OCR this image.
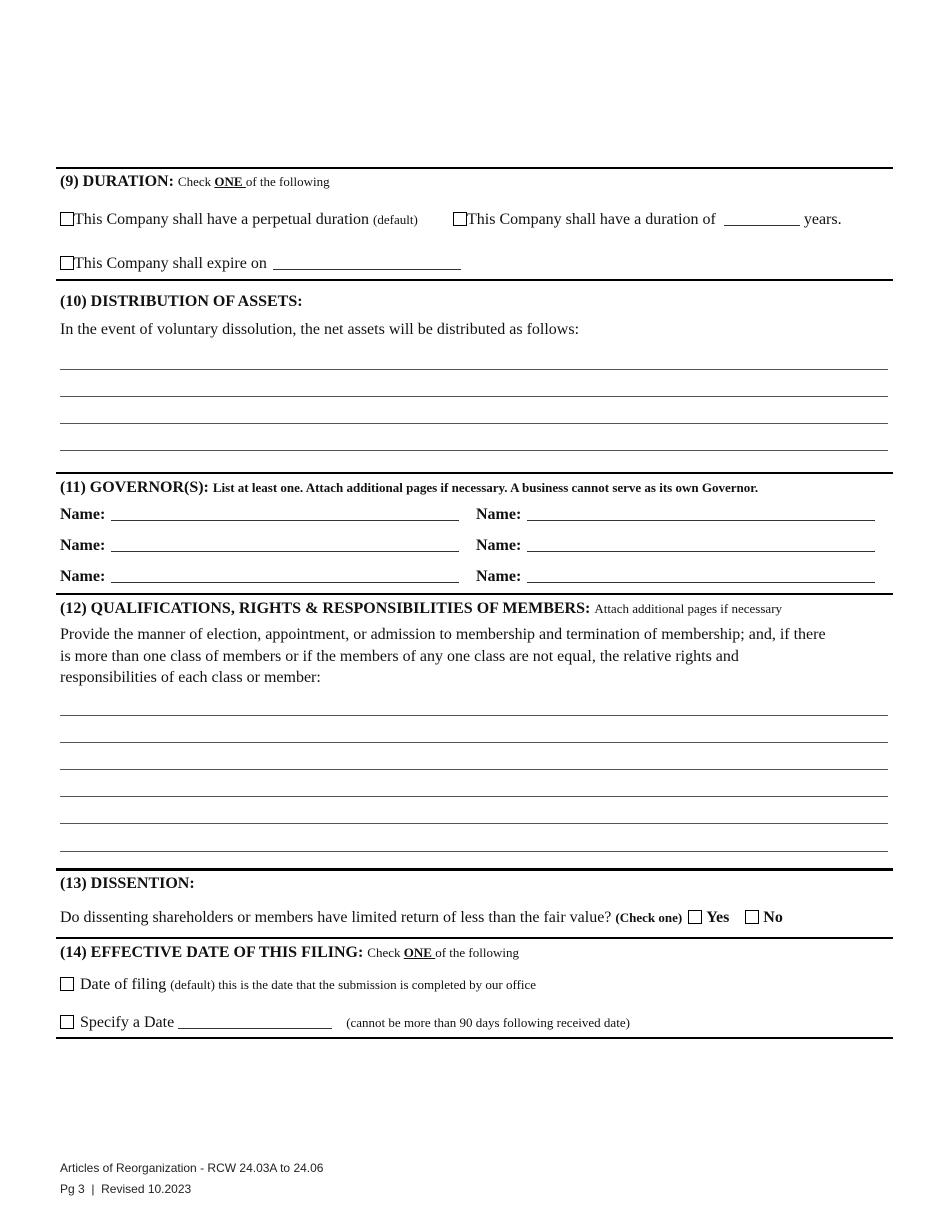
(9) DURATION: Check ONE of the following
This Company shall have a perpetual duration (default)	This Company shall have a duration of	years.
This Company shall expire on
(10) DISTRIBUTION OF ASSETS:
In the event of voluntary dissolution, the net assets will be distributed as follows:
(11) GOVERNOR(S): List at least one. Attach additional pages if necessary. A business cannot serve as its own Governor.
Name:	Name:
Name:	Name:
Name:	Name:
(12) QUALIFICATIONS, RIGHTS & RESPONSIBILITIES OF MEMBERS: Attach additional pages if necessary
Provide the manner of election, appointment, or admission to membership and termination of membership; and, if there
is more than one class of members or if the members of any one class are not equal, the relative rights and
responsibilities of each class or member:
(13) DISSENTION:
Do dissenting shareholders or members have limited return of less than the fair value? (Check one) Yes No
(14) EFFECTIVE DATE OF THIS FILING: Check ONE of the following
Date of filing (default) this is the date that the submission is completed by our office
Specify a Date	(cannot be more than 90 days following received date)
Articles of Reorganization - RCW 24.03A to 24.06
Pg 3  |  Revised 10.2023
